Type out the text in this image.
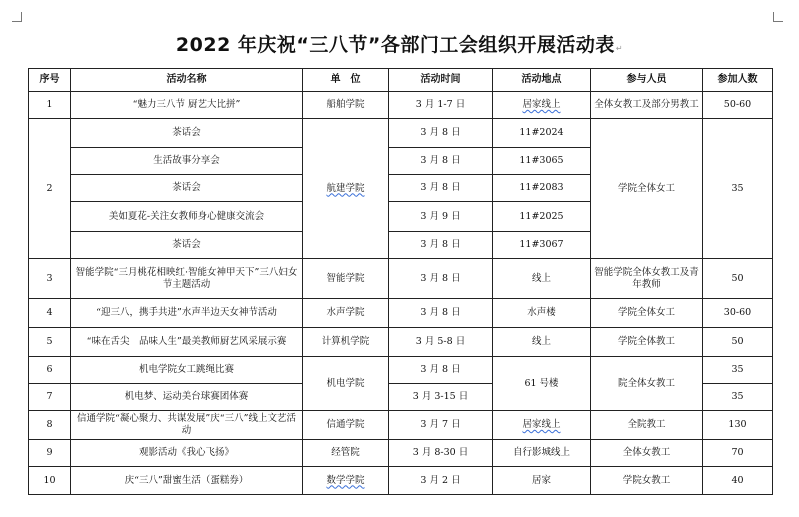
2022 年庆祝“三八节”各部门工会组织开展活动表↵
序号	活动名称	单　位	活动时间	活动地点	参与人员	参加人数
1	“魅力三八节 厨艺大比拼”	船舶学院	3 月 1-7 日	居家线上	全体女教工及部分男教工	50-60
2	茶话会	航建学院	3 月 8 日	11#2024	学院全体女工	35
	生活故事分享会		3 月 8 日	11#3065		
	茶话会		3 月 8 日	11#2083		
	美如夏花-关注女教师身心健康交流会		3 月 9 日	11#2025		
	茶话会		3 月 8 日	11#3067		
3	智能学院“三月桃花相映红·智能女神甲天下”三八妇女节主题活动	智能学院	3 月 8 日	线上	智能学院全体女教工及青年教师	50
4	“迎三八，携手共进”水声半边天女神节活动	水声学院	3 月 8 日	水声楼	学院全体女工	30-60
5	“味在舌尖　品味人生”最美教师厨艺风采展示赛	计算机学院	3 月 5-8 日	线上	学院全体教工	50
6	机电学院女工跳绳比赛	机电学院	3 月 8 日	61 号楼	院全体女教工	35
7	机电梦、运动美台球赛团体赛		3 月 3-15 日			35
8	信通学院“凝心聚力、共谋发展”庆“三八”线上文艺活动	信通学院	3 月 7 日	居家线上	全院教工	130
9	观影活动《我心飞扬》	经管院	3 月 8-30 日	自行影城线上	全体女教工	70
10	庆“三八”甜蜜生活（蛋糕券）	数学学院	3 月 2 日	居家	学院女教工	40
